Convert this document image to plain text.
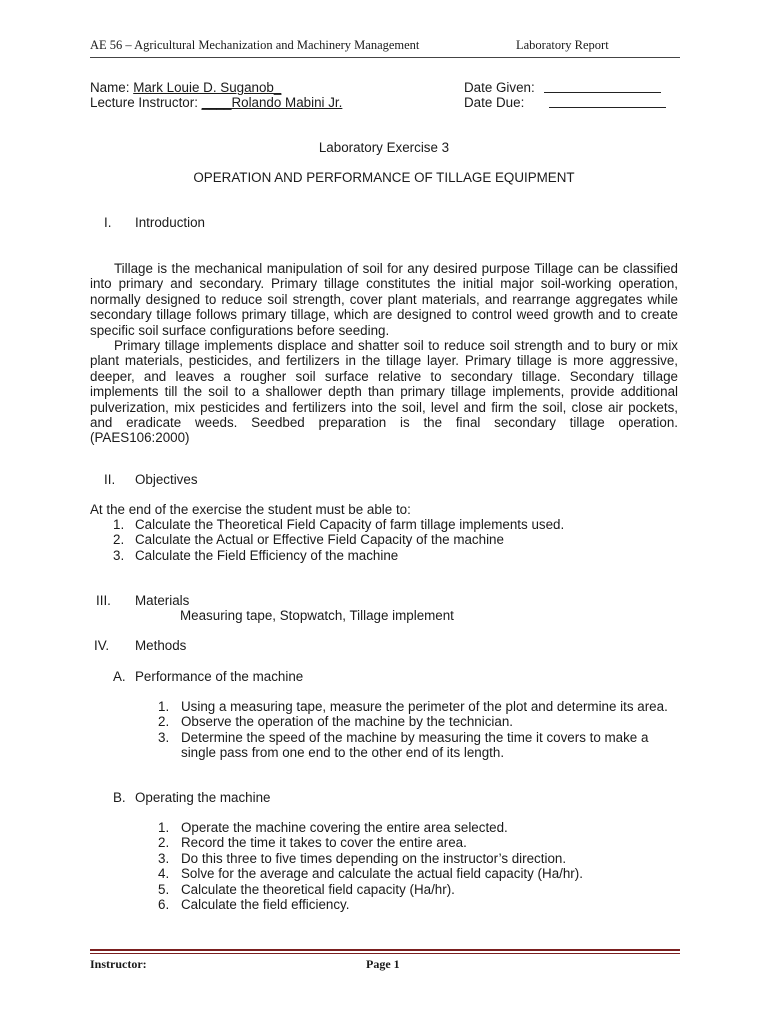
AE 56 – Agricultural Mechanization and Machinery Management	Laboratory Report
Name: Mark Louie D. Suganob_
Lecture Instructor: ____Rolando Mabini Jr.
Date Given:
Date Due:
Laboratory Exercise 3
OPERATION AND PERFORMANCE OF TILLAGE EQUIPMENT
I. Introduction

Tillage is the mechanical manipulation of soil for any desired purpose Tillage can be classified into primary and secondary. Primary tillage constitutes the initial major soil-working operation, normally designed to reduce soil strength, cover plant materials, and rearrange aggregates while secondary tillage follows primary tillage, which are designed to control weed growth and to create specific soil surface configurations before seeding.

Primary tillage implements displace and shatter soil to reduce soil strength and to bury or mix plant materials, pesticides, and fertilizers in the tillage layer. Primary tillage is more aggressive, deeper, and leaves a rougher soil surface relative to secondary tillage. Secondary tillage implements till the soil to a shallower depth than primary tillage implements, provide additional pulverization, mix pesticides and fertilizers into the soil, level and firm the soil, close air pockets, and eradicate weeds. Seedbed preparation is the final secondary tillage operation. (PAES106:2000)

II. Objectives
At the end of the exercise the student must be able to:
1. Calculate the Theoretical Field Capacity of farm tillage implements used.
2. Calculate the Actual or Effective Field Capacity of the machine
3. Calculate the Field Efficiency of the machine
III. Materials
Measuring tape, Stopwatch, Tillage implement
IV. Methods
A. Performance of the machine
1. Using a measuring tape, measure the perimeter of the plot and determine its area.
2. Observe the operation of the machine by the technician.
3. Determine the speed of the machine by measuring the time it covers to make a single pass from one end to the other end of its length.
B. Operating the machine
1. Operate the machine covering the entire area selected.
2. Record the time it takes to cover the entire area.
3. Do this three to five times depending on the instructor’s direction.
4. Solve for the average and calculate the actual field capacity (Ha/hr).
5. Calculate the theoretical field capacity (Ha/hr).
6. Calculate the field efficiency.
Instructor:	Page 1
